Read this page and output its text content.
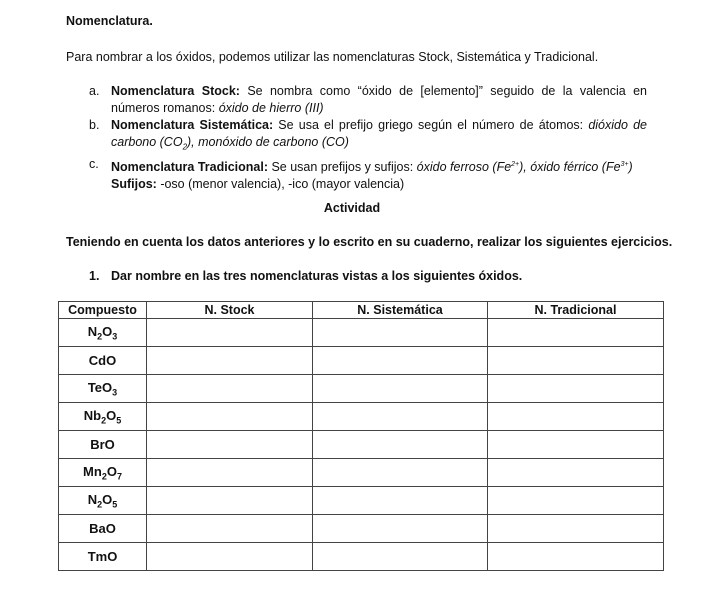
Nomenclatura.
Para nombrar a los óxidos, podemos utilizar las nomenclaturas Stock, Sistemática y Tradicional.
a. Nomenclatura Stock: Se nombra como “óxido de [elemento]” seguido de la valencia en números romanos: óxido de hierro (III)
b. Nomenclatura Sistemática: Se usa el prefijo griego según el número de átomos: dióxido de carbono $(CO_2)$, monóxido de carbono (CO)
c. Nomenclatura Tradicional: Se usan prefijos y sufijos: óxido ferroso $(Fe^{2+})$, óxido férrico $(Fe^{3+})$
Sufijos: -oso (menor valencia), -ico (mayor valencia)
Actividad
Teniendo en cuenta los datos anteriores y lo escrito en su cuaderno, realizar los siguientes ejercicios.
1. Dar nombre en las tres nomenclaturas vistas a los siguientes óxidos.
Compuesto	N. Stock	N. Sistemática	N. Tradicional
$N_2O_3$			
CdO			
TeO$_3$			
$Nb_2O_5$			
BrO			
$Mn_2O_7$			
$N_2O_5$			
BaO			
TmO			
